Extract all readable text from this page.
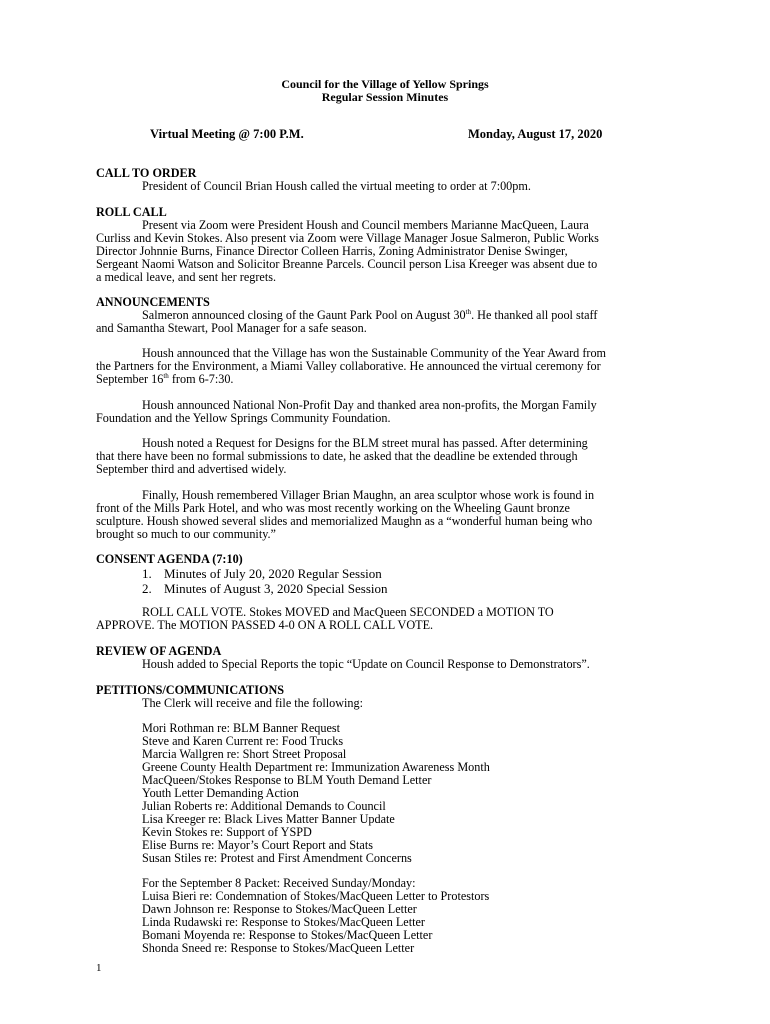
Council for the Village of Yellow Springs
Regular Session Minutes
Virtual Meeting @ 7:00 P.M.	Monday, August 17, 2020
CALL TO ORDER
President of Council Brian Housh called the virtual meeting to order at 7:00pm.
ROLL CALL
Present via Zoom were President Housh and Council members Marianne MacQueen, Laura
Curliss and Kevin Stokes. Also present via Zoom were Village Manager Josue Salmeron, Public Works
Director Johnnie Burns, Finance Director Colleen Harris, Zoning Administrator Denise Swinger,
Sergeant Naomi Watson and Solicitor Breanne Parcels. Council person Lisa Kreeger was absent due to
a medical leave, and sent her regrets.
ANNOUNCEMENTS
Salmeron announced closing of the Gaunt Park Pool on August 30th. He thanked all pool staff
and Samantha Stewart, Pool Manager for a safe season.
Housh announced that the Village has won the Sustainable Community of the Year Award from
the Partners for the Environment, a Miami Valley collaborative. He announced the virtual ceremony for
September 16th from 6-7:30.
Housh announced National Non-Profit Day and thanked area non-profits, the Morgan Family
Foundation and the Yellow Springs Community Foundation.
Housh noted a Request for Designs for the BLM street mural has passed. After determining
that there have been no formal submissions to date, he asked that the deadline be extended through
September third and advertised widely.
Finally, Housh remembered Villager Brian Maughn, an area sculptor whose work is found in
front of the Mills Park Hotel, and who was most recently working on the Wheeling Gaunt bronze
sculpture. Housh showed several slides and memorialized Maughn as a “wonderful human being who
brought so much to our community.”
CONSENT AGENDA (7:10)
1. Minutes of July 20, 2020 Regular Session
2. Minutes of August 3, 2020 Special Session
ROLL CALL VOTE. Stokes MOVED and MacQueen SECONDED a MOTION TO
APPROVE. The MOTION PASSED 4-0 ON A ROLL CALL VOTE.
REVIEW OF AGENDA
Housh added to Special Reports the topic “Update on Council Response to Demonstrators”.
PETITIONS/COMMUNICATIONS
The Clerk will receive and file the following:
Mori Rothman re: BLM Banner Request
Steve and Karen Current re: Food Trucks
Marcia Wallgren re: Short Street Proposal
Greene County Health Department re: Immunization Awareness Month
MacQueen/Stokes Response to BLM Youth Demand Letter
Youth Letter Demanding Action
Julian Roberts re: Additional Demands to Council
Lisa Kreeger re: Black Lives Matter Banner Update
Kevin Stokes re: Support of YSPD
Elise Burns re: Mayor’s Court Report and Stats
Susan Stiles re: Protest and First Amendment Concerns
For the September 8 Packet: Received Sunday/Monday:
Luisa Bieri re: Condemnation of Stokes/MacQueen Letter to Protestors
Dawn Johnson re: Response to Stokes/MacQueen Letter
Linda Rudawski re: Response to Stokes/MacQueen Letter
Bomani Moyenda re: Response to Stokes/MacQueen Letter
Shonda Sneed re: Response to Stokes/MacQueen Letter
1
